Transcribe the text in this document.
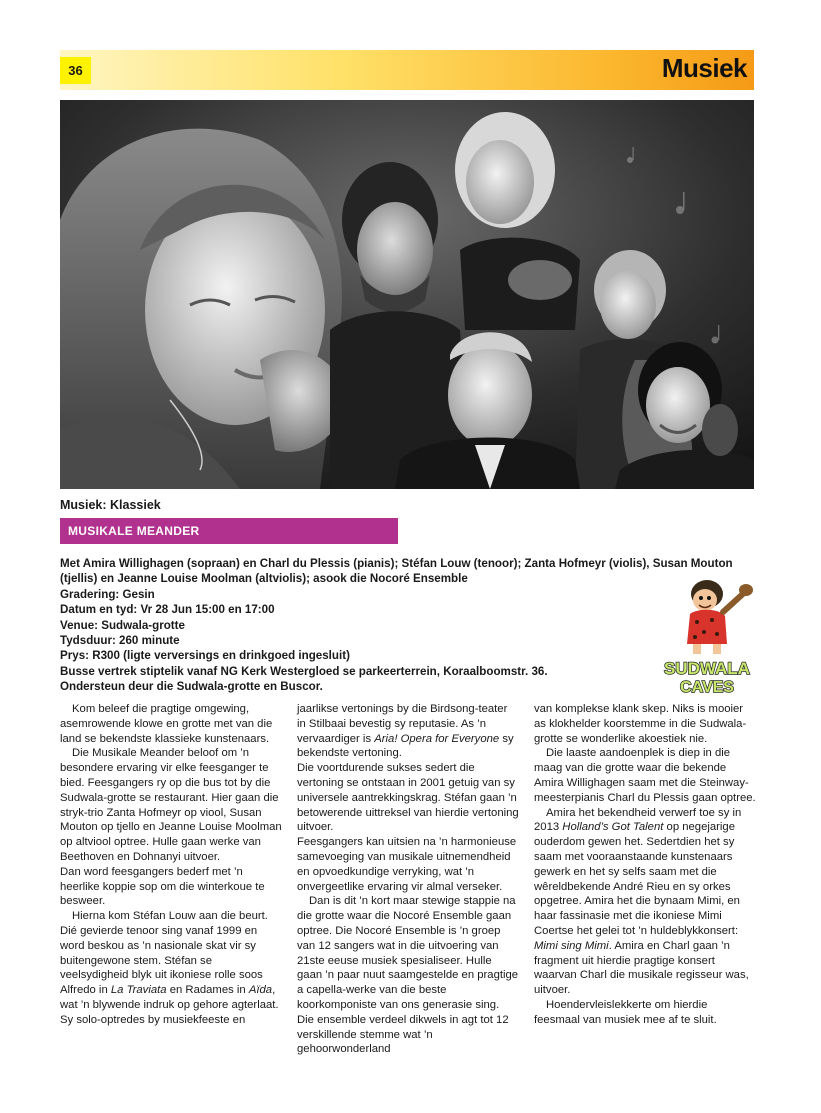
36	Musiek
Musiek: Klassiek
MUSIKALE MEANDER
Met Amira Willighagen (sopraan) en Charl du Plessis (pianis); Stéfan Louw (tenoor); Zanta Hofmeyr (violis), Susan Mouton (tjellis) en Jeanne Louise Moolman (altviolis); asook die Nocoré Ensemble
Gradering: Gesin
Datum en tyd: Vr 28 Jun 15:00 en 17:00
Venue: Sudwala-grotte
Tydsduur: 260 minute
Prys: R300 (ligte verversings en drinkgoed ingesluit)
Busse vertrek stiptelik vanaf NG Kerk Westergloed se parkeerterrein, Koraalboomstr. 36.
Ondersteun deur die Sudwala-grotte en Buscor.
SUDWALA
CAVES

Kom beleef die pragtige omgewing, asemrowende klowe en grotte met van die land se bekendste klassieke kunstenaars.

Die Musikale Meander beloof om ’n besondere ervaring vir elke feesganger te bied. Feesgangers ry op die bus tot by die Sudwala-grotte se restaurant. Hier gaan die stryk-trio Zanta Hofmeyr op viool, Susan Mouton op tjello en Jeanne Louise Moolman op altviool optree. Hulle gaan werke van Beethoven en Dohnanyi uitvoer.

Dan word feesgangers bederf met ’n heerlike koppie sop om die winterkoue te besweer.

Hierna kom Stéfan Louw aan die beurt. Dié gevierde tenoor sing vanaf 1999 en word beskou as ’n nasionale skat vir sy buitengewone stem. Stéfan se veelsydigheid blyk uit ikoniese rolle soos Alfredo in La Traviata en Radames in Aïda, wat ’n blywende indruk op gehore agterlaat. Sy solo-optredes by musiekfeeste en

jaarlikse vertonings by die Birdsong-teater in Stilbaai bevestig sy reputasie. As ’n vervaardiger is Aria! Opera for Everyone sy bekendste vertoning.

Die voortdurende sukses sedert die vertoning se ontstaan in 2001 getuig van sy universele aantrekkingskrag. Stéfan gaan ’n betowerende uittreksel van hierdie vertoning uitvoer.

Feesgangers kan uitsien na ’n harmonieuse samevoeging van musikale uitnemendheid en opvoedkundige verryking, wat ’n onvergeetlike ervaring vir almal verseker.

Dan is dit ’n kort maar stewige stappie na die grotte waar die Nocoré Ensemble gaan optree. Die Nocoré Ensemble is ’n groep van 12 sangers wat in die uitvoering van 21ste eeuse musiek spesialiseer. Hulle gaan ’n paar nuut saamgestelde en pragtige a capella-werke van die beste koorkomponiste van ons generasie sing. Die ensemble verdeel dikwels in agt tot 12 verskillende stemme wat ’n gehoorwonderland

van komplekse klank skep. Niks is mooier as klokhelder koorstemme in die Sudwala-grotte se wonderlike akoestiek nie.

Die laaste aandoenplek is diep in die maag van die grotte waar die bekende Amira Willighagen saam met die Steinway-meesterpianis Charl du Plessis gaan optree.

Amira het bekendheid verwerf toe sy in 2013 Holland’s Got Talent op negejarige ouderdom gewen het. Sedertdien het sy saam met vooraanstaande kunstenaars gewerk en het sy selfs saam met die wêreldbekende André Rieu en sy orkes opgetree. Amira het die bynaam Mimi, en haar fassinasie met die ikoniese Mimi Coertse het gelei tot ’n huldeblykkonsert: Mimi sing Mimi. Amira en Charl gaan ’n fragment uit hierdie pragtige konsert waarvan Charl die musikale regisseur was, uitvoer.

Hoendervleislekkerte om hierdie feesmaal van musiek mee af te sluit.
